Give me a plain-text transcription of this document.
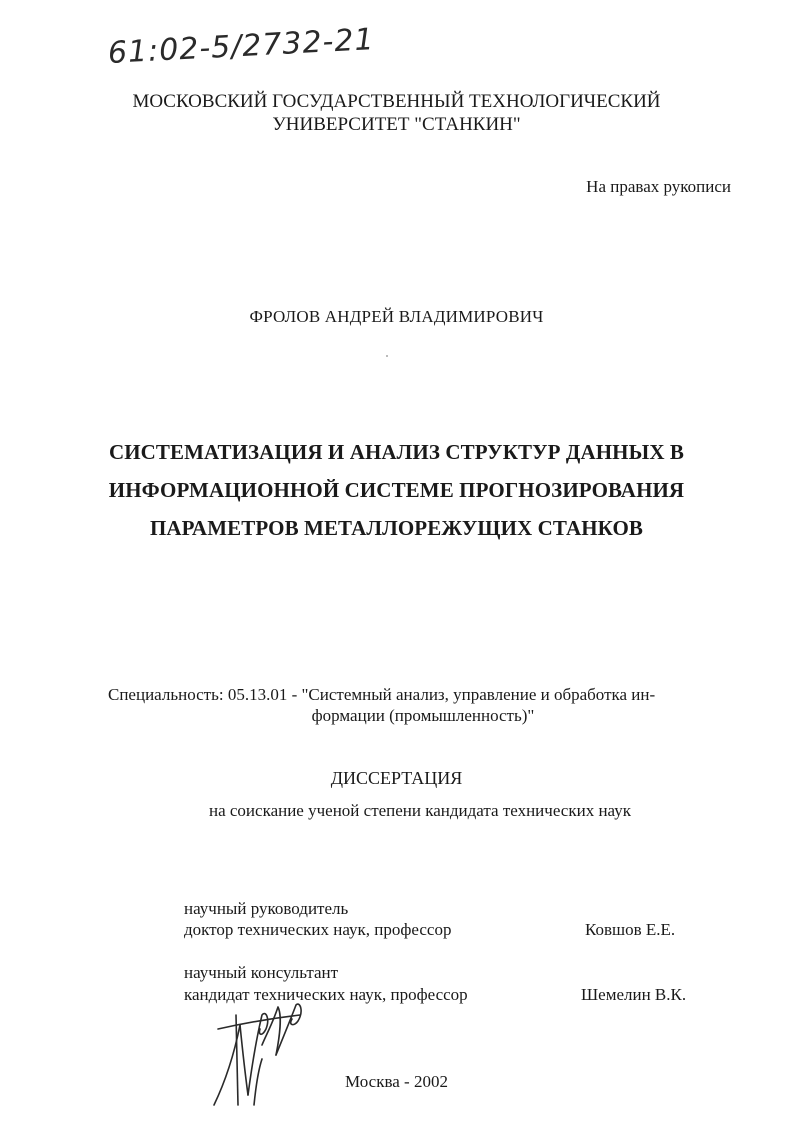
61:02-5/2732-21
МОСКОВСКИЙ ГОСУДАРСТВЕННЫЙ ТЕХНОЛОГИЧЕСКИЙ
УНИВЕРСИТЕТ "СТАНКИН"
На правах рукописи
ФРОЛОВ АНДРЕЙ ВЛАДИМИРОВИЧ
СИСТЕМАТИЗАЦИЯ И АНАЛИЗ СТРУКТУР ДАННЫХ В
ИНФОРМАЦИОННОЙ СИСТЕМЕ ПРОГНОЗИРОВАНИЯ
ПАРАМЕТРОВ МЕТАЛЛОРЕЖУЩИХ СТАНКОВ
Специальность: 05.13.01 - "Системный анализ, управление и обработка ин-
формации (промышленность)"
ДИССЕРТАЦИЯ
на соискание ученой степени кандидата технических наук
научный руководитель
доктор технических наук, профессор	Ковшов Е.Е.
научный консультант
кандидат технических наук, профессор	Шемелин В.К.
Москва - 2002
